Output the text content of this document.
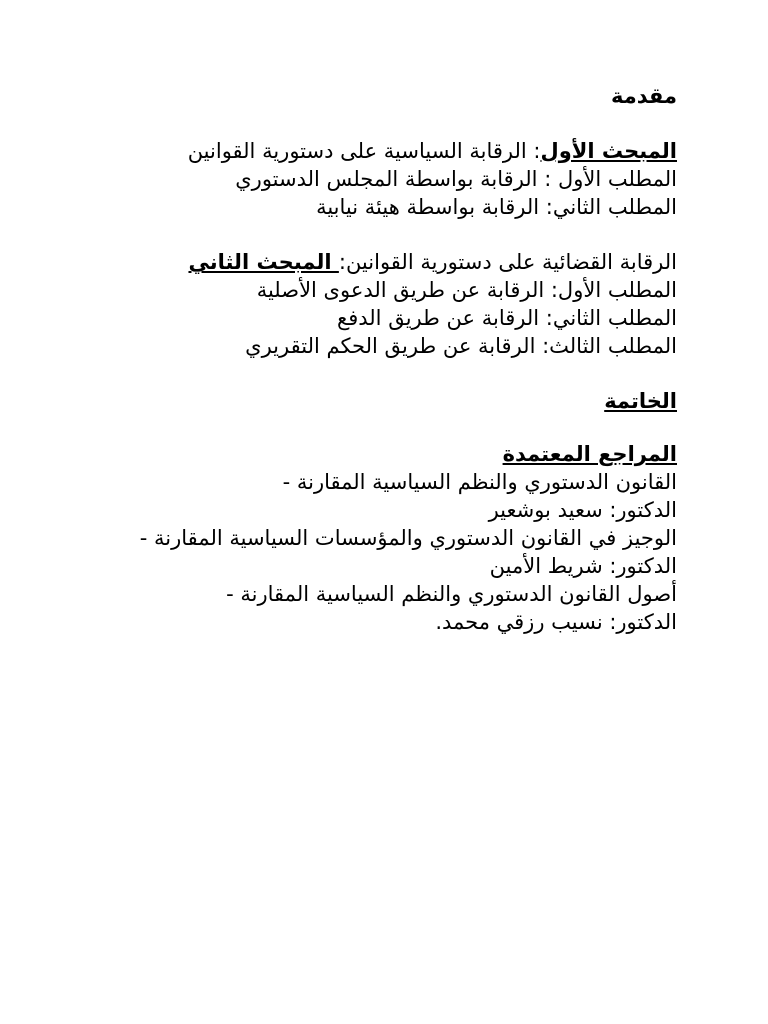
مقدمة
المبحث الأول: الرقابة السياسية على دستورية القوانين
المطلب الأول : الرقابة بواسطة المجلس الدستوري
المطلب الثاني: الرقابة بواسطة هيئة نيابية
الرقابة القضائية على دستورية القوانين: المبحث الثاني
المطلب الأول: الرقابة عن طريق الدعوى الأصلية
المطلب الثاني: الرقابة عن طريق الدفع
المطلب الثالث: الرقابة عن طريق الحكم التقريري
الخاتمة
المراجع المعتمدة
القانون الدستوري والنظم السياسية المقارنة -
الدكتور: سعيد بوشعير
الوجيز في القانون الدستوري والمؤسسات السياسية المقارنة -
الدكتور: شريط الأمين
أصول القانون الدستوري والنظم السياسية المقارنة -
الدكتور: نسيب رزقي محمد.
